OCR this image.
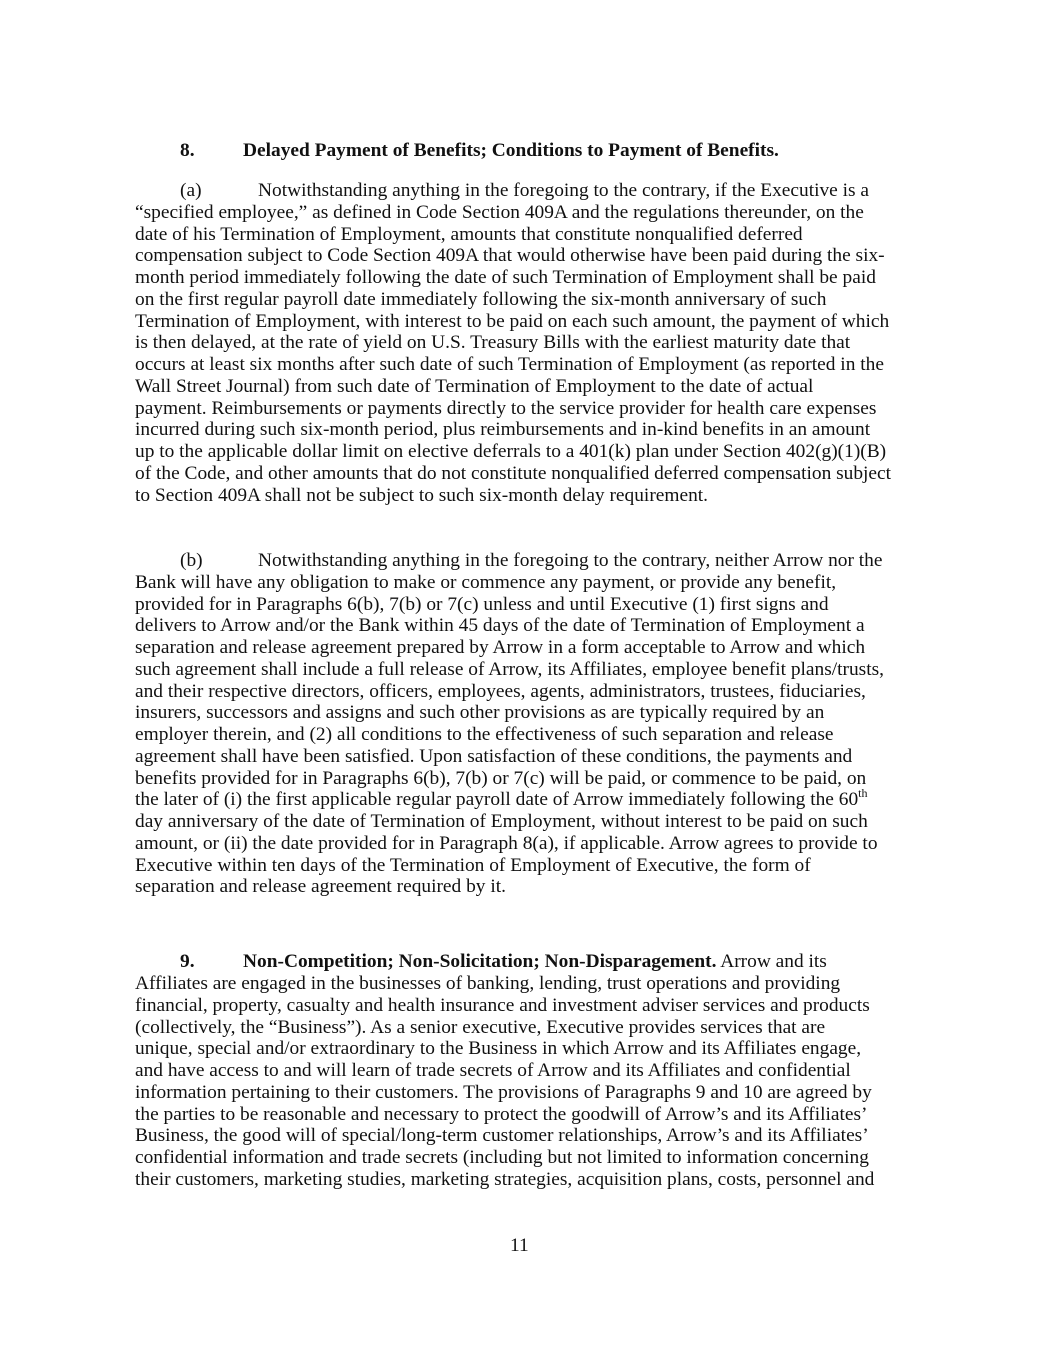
8. Delayed Payment of Benefits; Conditions to Payment of Benefits.
(a)	Notwithstanding anything in the foregoing to the contrary, if the Executive is a
“specified employee,” as defined in Code Section 409A and the regulations thereunder, on the
date of his Termination of Employment, amounts that constitute nonqualified deferred
compensation subject to Code Section 409A that would otherwise have been paid during the six-
month period immediately following the date of such Termination of Employment shall be paid
on the first regular payroll date immediately following the six-month anniversary of such
Termination of Employment, with interest to be paid on each such amount, the payment of which
is then delayed, at the rate of yield on U.S. Treasury Bills with the earliest maturity date that
occurs at least six months after such date of such Termination of Employment (as reported in the
Wall Street Journal) from such date of Termination of Employment to the date of actual
payment. Reimbursements or payments directly to the service provider for health care expenses
incurred during such six-month period, plus reimbursements and in-kind benefits in an amount
up to the applicable dollar limit on elective deferrals to a 401(k) plan under Section 402(g)(1)(B)
of the Code, and other amounts that do not constitute nonqualified deferred compensation subject
to Section 409A shall not be subject to such six-month delay requirement.
(b)	Notwithstanding anything in the foregoing to the contrary, neither Arrow nor the
Bank will have any obligation to make or commence any payment, or provide any benefit,
provided for in Paragraphs 6(b), 7(b) or 7(c) unless and until Executive (1) first signs and
delivers to Arrow and/or the Bank within 45 days of the date of Termination of Employment a
separation and release agreement prepared by Arrow in a form acceptable to Arrow and which
such agreement shall include a full release of Arrow, its Affiliates, employee benefit plans/trusts,
and their respective directors, officers, employees, agents, administrators, trustees, fiduciaries,
insurers, successors and assigns and such other provisions as are typically required by an
employer therein, and (2) all conditions to the effectiveness of such separation and release
agreement shall have been satisfied. Upon satisfaction of these conditions, the payments and
benefits provided for in Paragraphs 6(b), 7(b) or 7(c) will be paid, or commence to be paid, on
the later of (i) the first applicable regular payroll date of Arrow immediately following the 60th
day anniversary of the date of Termination of Employment, without interest to be paid on such
amount, or (ii) the date provided for in Paragraph 8(a), if applicable. Arrow agrees to provide to
Executive within ten days of the Termination of Employment of Executive, the form of
separation and release agreement required by it.
9. Non-Competition; Non-Solicitation; Non-Disparagement. Arrow and its
Affiliates are engaged in the businesses of banking, lending, trust operations and providing
financial, property, casualty and health insurance and investment adviser services and products
(collectively, the “Business”). As a senior executive, Executive provides services that are
unique, special and/or extraordinary to the Business in which Arrow and its Affiliates engage,
and have access to and will learn of trade secrets of Arrow and its Affiliates and confidential
information pertaining to their customers. The provisions of Paragraphs 9 and 10 are agreed by
the parties to be reasonable and necessary to protect the goodwill of Arrow’s and its Affiliates’
Business, the good will of special/long-term customer relationships, Arrow’s and its Affiliates’
confidential information and trade secrets (including but not limited to information concerning
their customers, marketing studies, marketing strategies, acquisition plans, costs, personnel and
11
